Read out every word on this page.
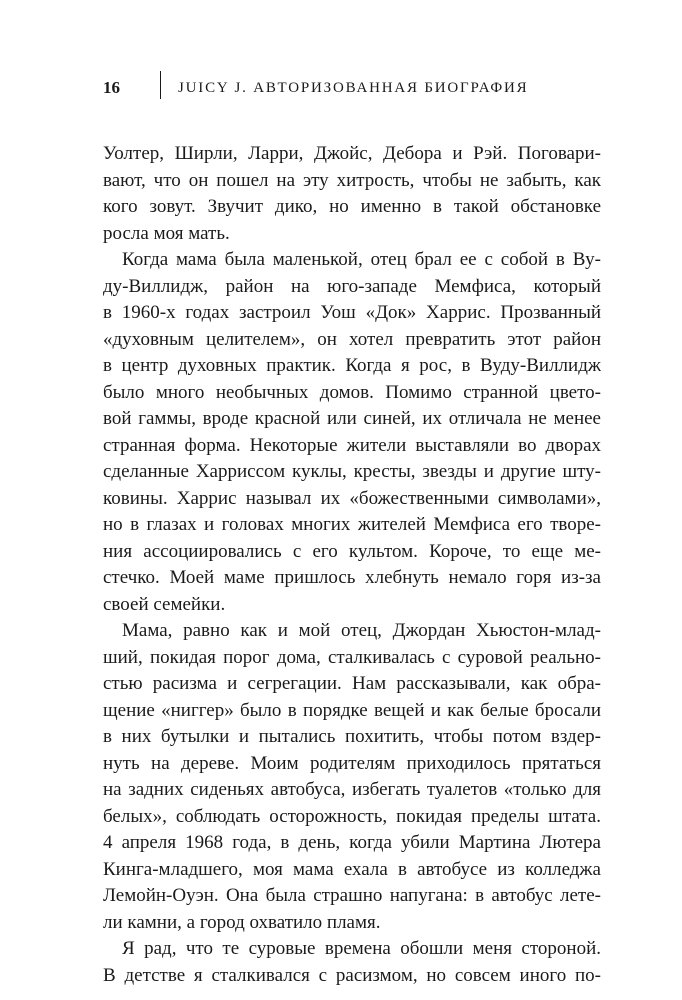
16	JUICY J. АВТОРИЗОВАННАЯ БИОГРАФИЯ
Уолтер, Ширли, Ларри, Джойс, Дебора и Рэй. Поговари-
вают, что он пошел на эту хитрость, чтобы не забыть, как
кого зовут. Звучит дико, но именно в такой обстановке
росла моя мать.
Когда мама была маленькой, отец брал ее с собой в Ву-
ду-Виллидж, район на юго-западе Мемфиса, который
в 1960-х годах застроил Уош «Док» Харрис. Прозванный
«духовным целителем», он хотел превратить этот район
в центр духовных практик. Когда я рос, в Вуду-Виллидж
было много необычных домов. Помимо странной цвето-
вой гаммы, вроде красной или синей, их отличала не менее
странная форма. Некоторые жители выставляли во дворах
сделанные Харриссом куклы, кресты, звезды и другие шту-
ковины. Харрис называл их «божественными символами»,
но в глазах и головах многих жителей Мемфиса его творе-
ния ассоциировались с его культом. Короче, то еще ме-
стечко. Моей маме пришлось хлебнуть немало горя из-за
своей семейки.
Мама, равно как и мой отец, Джордан Хьюстон-млад-
ший, покидая порог дома, сталкивалась с суровой реально-
стью расизма и сегрегации. Нам рассказывали, как обра-
щение «ниггер» было в порядке вещей и как белые бросали
в них бутылки и пытались похитить, чтобы потом вздер-
нуть на дереве. Моим родителям приходилось прятаться
на задних сиденьях автобуса, избегать туалетов «только для
белых», соблюдать осторожность, покидая пределы штата.
4 апреля 1968 года, в день, когда убили Мартина Лютера
Кинга-младшего, моя мама ехала в автобусе из колледжа
Лемойн-Оуэн. Она была страшно напугана: в автобус лете-
ли камни, а город охватило пламя.
Я рад, что те суровые времена обошли меня стороной.
В детстве я сталкивался с расизмом, но совсем иного по-
